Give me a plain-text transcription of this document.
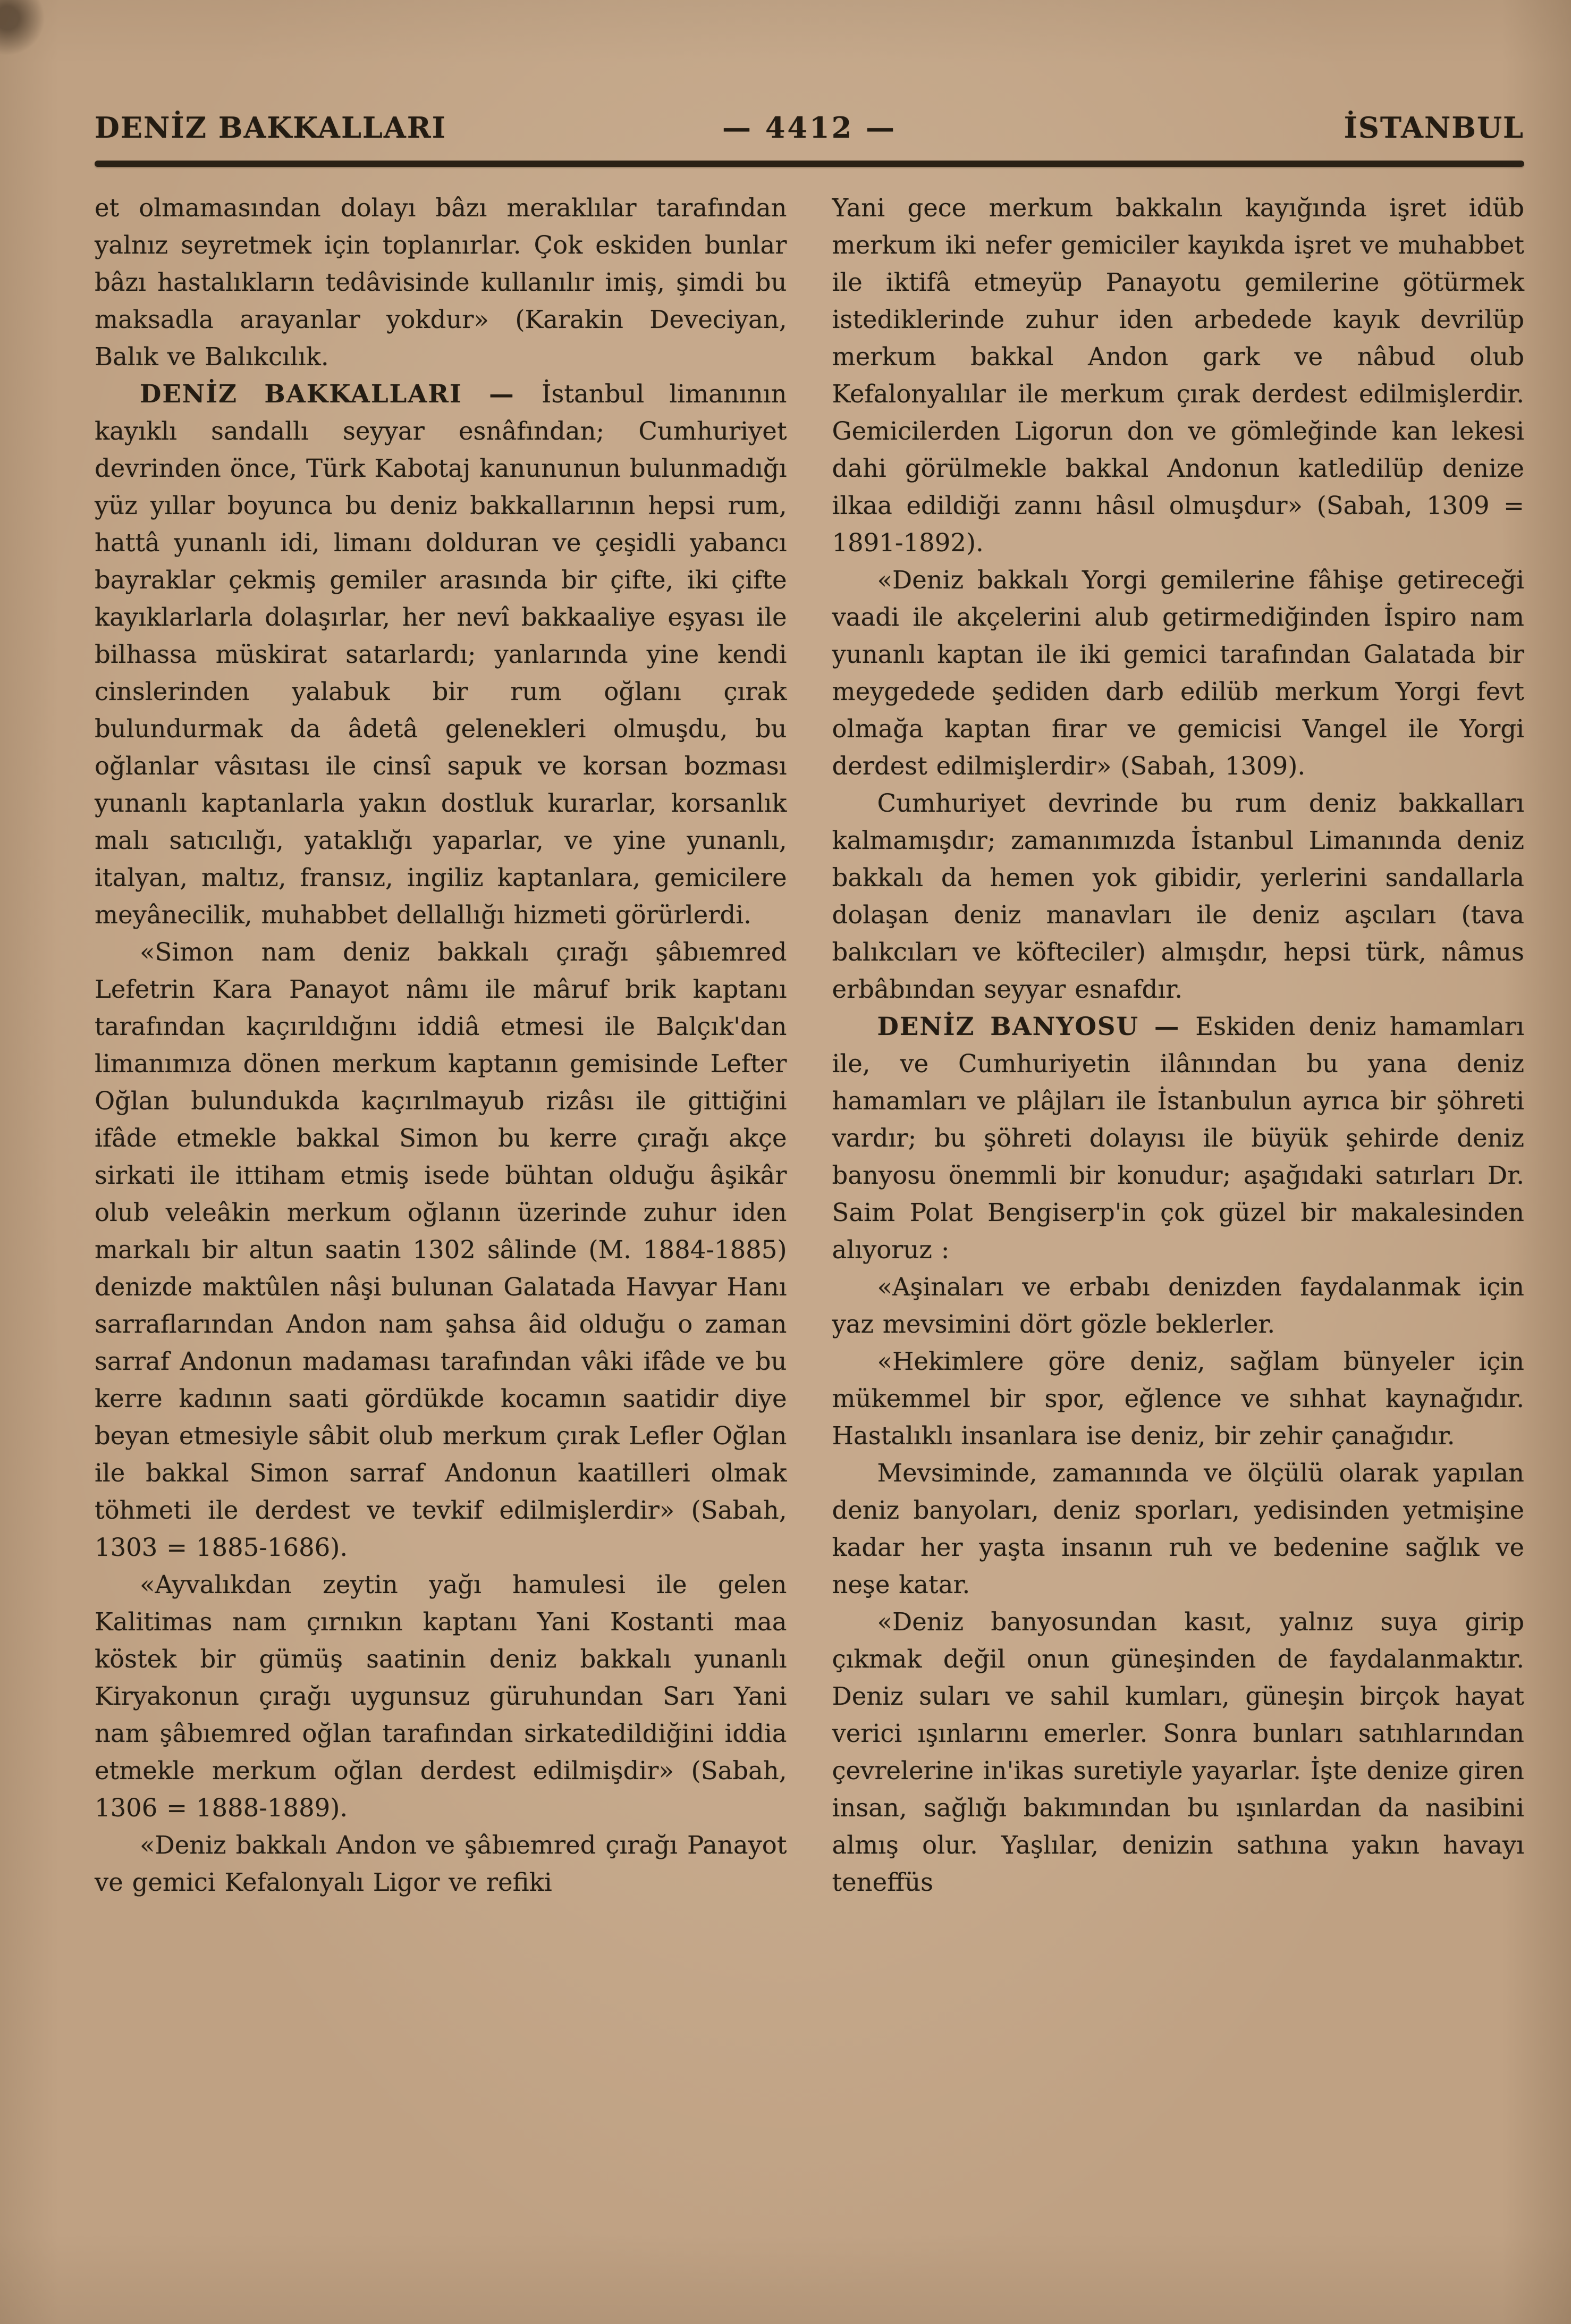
DENİZ BAKKALLARI	— 4412 —	İSTANBUL

et olmamasından dolayı bâzı meraklılar tarafından yalnız seyretmek için toplanırlar. Çok eskiden bunlar bâzı hastalıkların tedâvisinde kullanılır imiş, şimdi bu maksadla arayanlar yokdur» (Karakin Deveciyan, Balık ve Balıkcılık.

DENİZ BAKKALLARI — İstanbul limanının kayıklı sandallı seyyar esnâfından; Cumhuriyet devrinden önce, Türk Kabotaj kanununun bulunmadığı yüz yıllar boyunca bu deniz bakkallarının hepsi rum, hattâ yunanlı idi, limanı dolduran ve çeşidli yabancı bayraklar çekmiş gemiler arasında bir çifte, iki çifte kayıklarlarla dolaşırlar, her nevî bakkaaliye eşyası ile bilhassa müskirat satarlardı; yanlarında yine kendi cinslerinden yalabuk bir rum oğlanı çırak bulundurmak da âdetâ gelenekleri olmuşdu, bu oğlanlar vâsıtası ile cinsî sapuk ve korsan bozması yunanlı kaptanlarla yakın dostluk kurarlar, korsanlık malı satıcılığı, yataklığı yaparlar, ve yine yunanlı, italyan, maltız, fransız, ingiliz kaptanlara, gemicilere meyânecilik, muhabbet dellallığı hizmeti görürlerdi.

«Simon nam deniz bakkalı çırağı şâbıemred Lefetrin Kara Panayot nâmı ile mâruf brik kaptanı tarafından kaçırıldığını iddiâ etmesi ile Balçık'dan limanımıza dönen merkum kaptanın gemisinde Lefter Oğlan bulundukda kaçırılmayub rizâsı ile gittiğini ifâde etmekle bakkal Simon bu kerre çırağı akçe sirkati ile ittiham etmiş isede bühtan olduğu âşikâr olub veleâkin merkum oğlanın üzerinde zuhur iden markalı bir altun saatin 1302 sâlinde (M. 1884-1885) denizde maktûlen nâşi bulunan Galatada Havyar Hanı sarraflarından Andon nam şahsa âid olduğu o zaman sarraf Andonun madaması tarafından vâki ifâde ve bu kerre kadının saati gördükde kocamın saatidir diye beyan etmesiyle sâbit olub merkum çırak Lefler Oğlan ile bakkal Simon sarraf Andonun kaatilleri olmak töhmeti ile derdest ve tevkif edilmişlerdir» (Sabah, 1303 = 1885-1686).

«Ayvalıkdan zeytin yağı hamulesi ile gelen Kalitimas nam çırnıkın kaptanı Yani Kostanti maa köstek bir gümüş saatinin deniz bakkalı yunanlı Kiryakonun çırağı uygunsuz güruhundan Sarı Yani nam şâbıemred oğlan tarafından sirkatedildiğini iddia etmekle merkum oğlan derdest edilmişdir» (Sabah, 1306 = 1888-1889).

«Deniz bakkalı Andon ve şâbıemred çırağı Panayot ve gemici Kefalonyalı Ligor ve refiki

Yani gece merkum bakkalın kayığında işret idüb merkum iki nefer gemiciler kayıkda işret ve muhabbet ile iktifâ etmeyüp Panayotu gemilerine götürmek istediklerinde zuhur iden arbedede kayık devrilüp merkum bakkal Andon gark ve nâbud olub Kefalonyalılar ile merkum çırak derdest edilmişlerdir. Gemicilerden Ligorun don ve gömleğinde kan lekesi dahi görülmekle bakkal Andonun katledilüp denize ilkaa edildiği zannı hâsıl olmuşdur» (Sabah, 1309 = 1891-1892).

«Deniz bakkalı Yorgi gemilerine fâhişe getireceği vaadi ile akçelerini alub getirmediğinden İspiro nam yunanlı kaptan ile iki gemici tarafından Galatada bir meygedede şediden darb edilüb merkum Yorgi fevt olmağa kaptan firar ve gemicisi Vangel ile Yorgi derdest edilmişlerdir» (Sabah, 1309).

Cumhuriyet devrinde bu rum deniz bakkalları kalmamışdır; zamanımızda İstanbul Limanında deniz bakkalı da hemen yok gibidir, yerlerini sandallarla dolaşan deniz manavları ile deniz aşcıları (tava balıkcıları ve köfteciler) almışdır, hepsi türk, nâmus erbâbından seyyar esnafdır.

DENİZ BANYOSU — Eskiden deniz hamamları ile, ve Cumhuriyetin ilânından bu yana deniz hamamları ve plâjları ile İstanbulun ayrıca bir şöhreti vardır; bu şöhreti dolayısı ile büyük şehirde deniz banyosu önemmli bir konudur; aşağıdaki satırları Dr. Saim Polat Bengiserp'in çok güzel bir makalesinden alıyoruz :

«Aşinaları ve erbabı denizden faydalanmak için yaz mevsimini dört gözle beklerler.

«Hekimlere göre deniz, sağlam bünyeler için mükemmel bir spor, eğlence ve sıhhat kaynağıdır. Hastalıklı insanlara ise deniz, bir zehir çanağıdır.

Mevsiminde, zamanında ve ölçülü olarak yapılan deniz banyoları, deniz sporları, yedisinden yetmişine kadar her yaşta insanın ruh ve bedenine sağlık ve neşe katar.

«Deniz banyosundan kasıt, yalnız suya girip çıkmak değil onun güneşinden de faydalanmaktır. Deniz suları ve sahil kumları, güneşin birçok hayat verici ışınlarını emerler. Sonra bunları satıhlarından çevrelerine in'ikas suretiyle yayarlar. İşte denize giren insan, sağlığı bakımından bu ışınlardan da nasibini almış olur. Yaşlılar, denizin sathına yakın havayı teneffüs
